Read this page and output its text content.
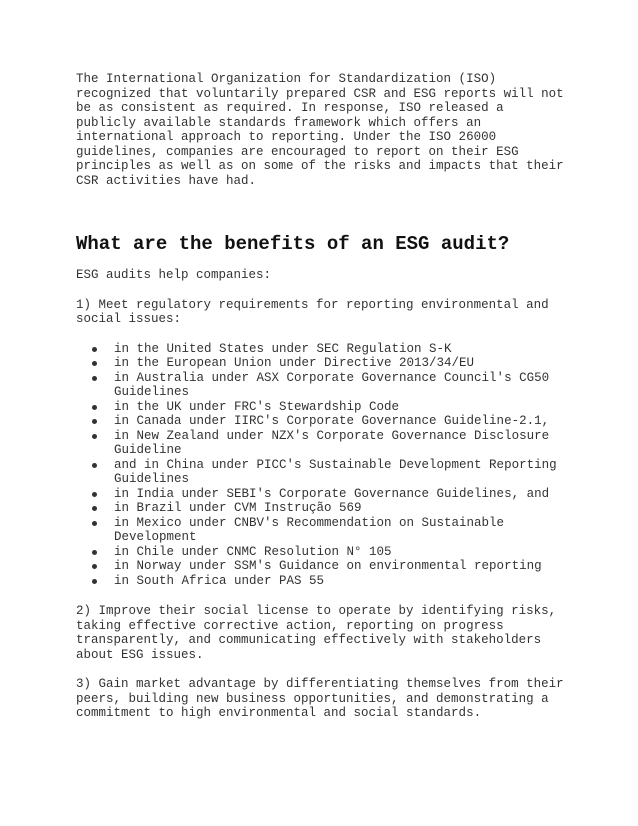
The International Organization for Standardization (ISO) recognized that voluntarily prepared CSR and ESG reports will not be as consistent as required. In response, ISO released a publicly available standards framework which offers an international approach to reporting. Under the ISO 26000 guidelines, companies are encouraged to report on their ESG principles as well as on some of the risks and impacts that their CSR activities have had.

What are the benefits of an ESG audit?

ESG audits help companies:

1) Meet regulatory requirements for reporting environmental and social issues:

in the United States under SEC Regulation S-K
in the European Union under Directive 2013/34/EU
in Australia under ASX Corporate Governance Council's CG50 Guidelines
in the UK under FRC's Stewardship Code
in Canada under IIRC's Corporate Governance Guideline-2.1,
in New Zealand under NZX's Corporate Governance Disclosure Guideline
and in China under PICC's Sustainable Development Reporting Guidelines
in India under SEBI's Corporate Governance Guidelines, and
in Brazil under CVM Instrução 569
in Mexico under CNBV's Recommendation on Sustainable Development
in Chile under CNMC Resolution N° 105
in Norway under SSM's Guidance on environmental reporting
in South Africa under PAS 55

2) Improve their social license to operate by identifying risks, taking effective corrective action, reporting on progress transparently, and communicating effectively with stakeholders about ESG issues.

3) Gain market advantage by differentiating themselves from their peers, building new business opportunities, and demonstrating a commitment to high environmental and social standards.
